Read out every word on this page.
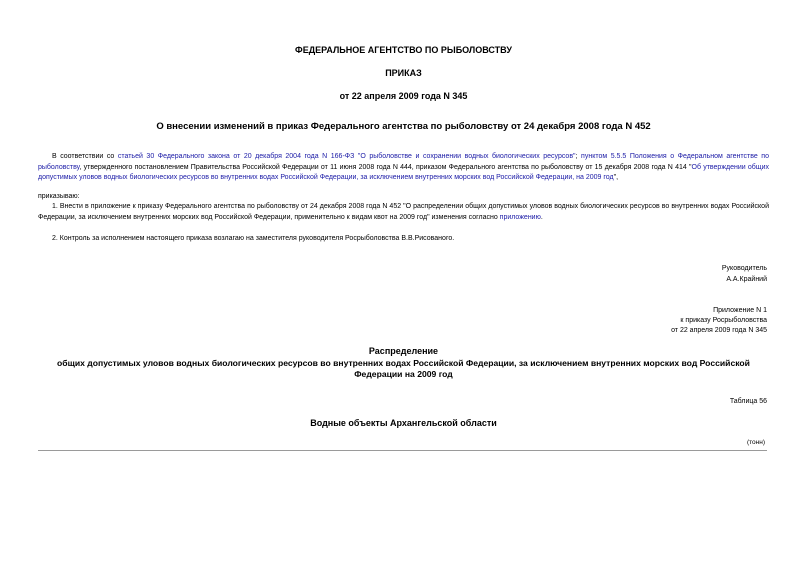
ФЕДЕРАЛЬНОЕ АГЕНТСТВО ПО РЫБОЛОВСТВУ
ПРИКАЗ
от 22 апреля 2009 года N 345
О внесении изменений в приказ Федерального агентства по рыболовству от 24 декабря 2008 года N 452
В соответствии со статьей 30 Федерального закона от 20 декабря 2004 года N 166-ФЗ "О рыболовстве и сохранении водных биологических ресурсов"; пунктом 5.5.5 Положения о Федеральном агентстве по рыболовству, утвержденного постановлением Правительства Российской Федерации от 11 июня 2008 года N 444, приказом Федерального агентства по рыболовству от 15 декабря 2008 года N 414 "Об утверждении общих допустимых уловов водных биологических ресурсов во внутренних водах Российской Федерации, за исключением внутренних морских вод Российской Федерации, на 2009 год",
приказываю:
1. Внести в приложение к приказу Федерального агентства по рыболовству от 24 декабря 2008 года N 452 "О распределении общих допустимых уловов водных биологических ресурсов во внутренних водах Российской Федерации, за исключением внутренних морских вод Российской Федерации, применительно к видам квот на 2009 год" изменения согласно приложению.
2. Контроль за исполнением настоящего приказа возлагаю на заместителя руководителя Росрыболовства В.В.Рисованого.
Руководитель
А.А.Крайний
Приложение N 1
к приказу Росрыболовства
от 22 апреля 2009 года N 345
Распределение
общих допустимых уловов водных биологических ресурсов во внутренних водах Российской Федерации, за исключением внутренних морских вод Российской
Федерации на 2009 год
Таблица 56
Водные объекты Архангельской области
(тонн)
